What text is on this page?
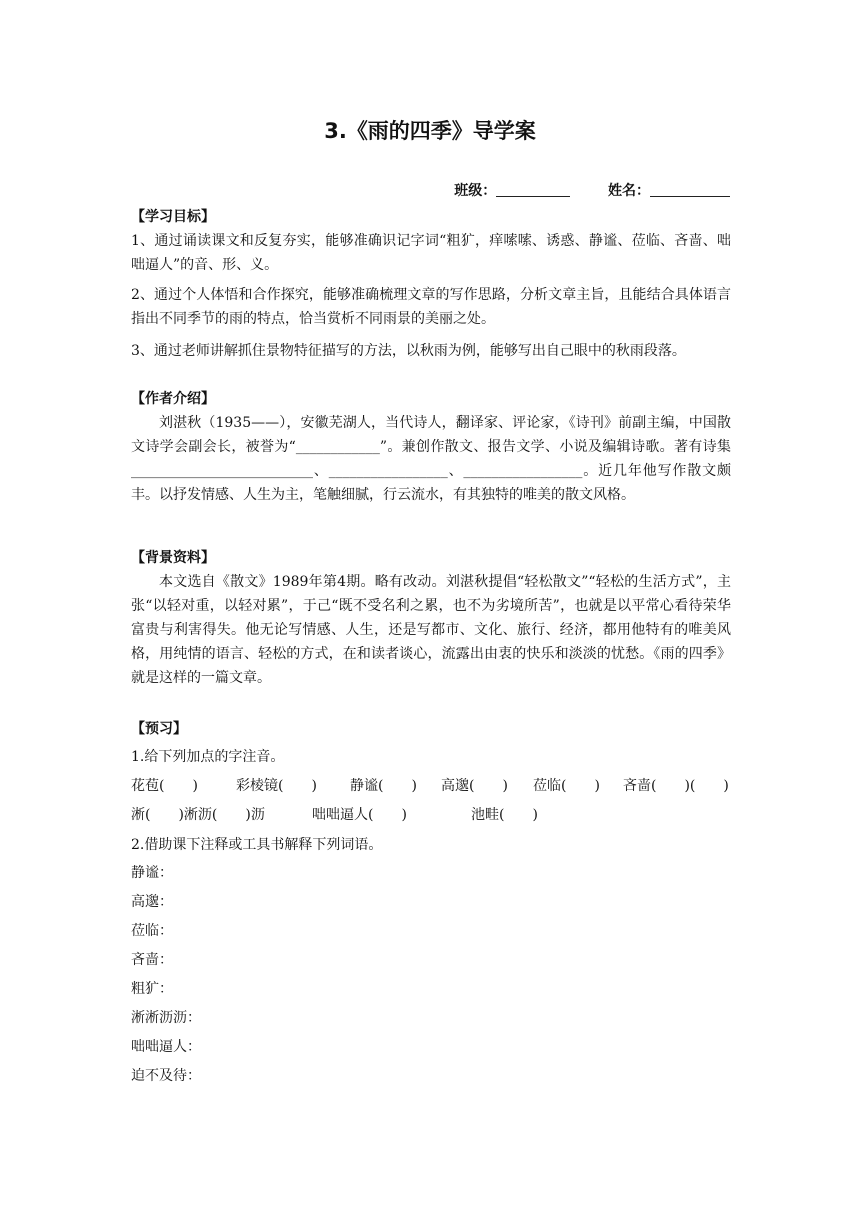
3.《雨的四季》导学案
班级：	姓名：

【学习目标】

1、通过诵读课文和反复夯实，能够准确识记字词“粗犷，痒嗦嗦、诱惑、静谧、莅临、吝啬、咄咄逼人”的音、形、义。

2、通过个人体悟和合作探究，能够准确梳理文章的写作思路，分析文章主旨，且能结合具体语言指出不同季节的雨的特点，恰当赏析不同雨景的美丽之处。

3、通过老师讲解抓住景物特征描写的方法，以秋雨为例，能够写出自己眼中的秋雨段落。

【作者介绍】

刘湛秋（1935——），安徽芜湖人，当代诗人，翻译家、评论家，《诗刊》前副主编，中国散文诗学会副会长，被誉为“____________”。兼创作散文、报告文学、小说及编辑诗歌。著有诗集__________________________、_________________、_________________。近几年他写作散文颇丰。以抒发情感、人生为主，笔触细腻，行云流水，有其独特的唯美的散文风格。

【背景资料】

本文选自《散文》1989年第4期。略有改动。刘湛秋提倡“轻松散文”“轻松的生活方式”，主张“以轻对重，以轻对累”，于己“既不受名利之累，也不为劣境所苦”，也就是以平常心看待荣华富贵与利害得失。他无论写情感、人生，还是写都市、文化、旅行、经济，都用他特有的唯美风格，用纯情的语言、轻松的方式，在和读者谈心，流露出由衷的快乐和淡淡的忧愁。《雨的四季》就是这样的一篇文章。

【预习】
1.给下列加点的字注音。
花苞(　　)	彩棱镜(　　) 静谧(　　) 高邈(　　) 莅临(　　) 吝啬(　　)(　　)
淅(　　)淅沥(　　)沥	咄咄逼人(　　)	池畦(　　)
2.借助课下注释或工具书解释下列词语。
静谧：
高邈：
莅临：
吝啬：
粗犷：
淅淅沥沥：
咄咄逼人：
迫不及待：
